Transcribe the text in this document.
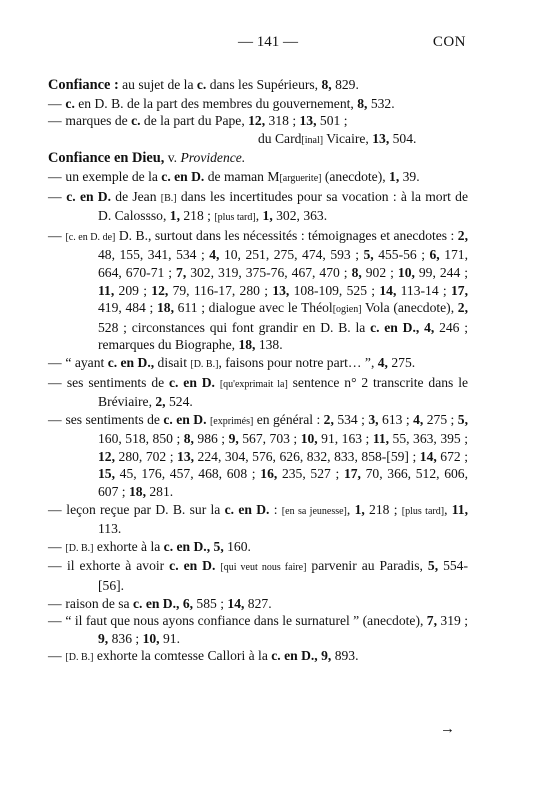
— 141 —	CON

Confiance : au sujet de la c. dans les Supérieurs, 8, 829.

— c. en D. B. de la part des membres du gouvernement, 8, 532.

— marques de c. de la part du Pape, 12, 318 ; 13, 501 ;
du Card[inal] Vicaire, 13, 504.

Confiance en Dieu, v. Providence.

— un exemple de la c. en D. de maman M[arguerite] (anecdote), 1, 39.

— c. en D. de Jean [B.] dans les incertitudes pour sa vocation : à la mort de D. Calossso, 1, 218 ; [plus tard], 1, 302, 363.

— [c. en D. de] D. B., surtout dans les nécessités : témoignages et anecdotes : 2, 48, 155, 341, 534 ; 4, 10, 251, 275, 474, 593 ; 5, 455-56 ; 6, 171, 664, 670-71 ; 7, 302, 319, 375-76, 467, 470 ; 8, 902 ; 10, 99, 244 ; 11, 209 ; 12, 79, 116-17, 280 ; 13, 108-109, 525 ; 14, 113-14 ; 17, 419, 484 ; 18, 611 ; dialogue avec le Théol[ogien] Vola (anecdote), 2, 528 ; circonstances qui font grandir en D. B. la c. en D., 4, 246 ; remarques du Biographe, 18, 138.

— “ ayant c. en D., disait [D. B.], faisons pour notre part… ”, 4, 275.

— ses sentiments de c. en D. [qu'exprimait la] sentence n° 2 transcrite dans le Bréviaire, 2, 524.

— ses sentiments de c. en D. [exprimés] en général : 2, 534 ; 3, 613 ; 4, 275 ; 5, 160, 518, 850 ; 8, 986 ; 9, 567, 703 ; 10, 91, 163 ; 11, 55, 363, 395 ; 12, 280, 702 ; 13, 224, 304, 576, 626, 832, 833, 858-[59] ; 14, 672 ; 15, 45, 176, 457, 468, 608 ; 16, 235, 527 ; 17, 70, 366, 512, 606, 607 ; 18, 281.

— leçon reçue par D. B. sur la c. en D. : [en sa jeunesse], 1, 218 ; [plus tard], 11, 113.

— [D. B.] exhorte à la c. en D., 5, 160.

— il exhorte à avoir c. en D. [qui veut nous faire] parvenir au Paradis, 5, 554-[56].

— raison de sa c. en D., 6, 585 ; 14, 827.

— “ il faut que nous ayons confiance dans le surnaturel ” (anecdote), 7, 319 ; 9, 836 ; 10, 91.

— [D. B.] exhorte la comtesse Callori à la c. en D., 9, 893.

→
